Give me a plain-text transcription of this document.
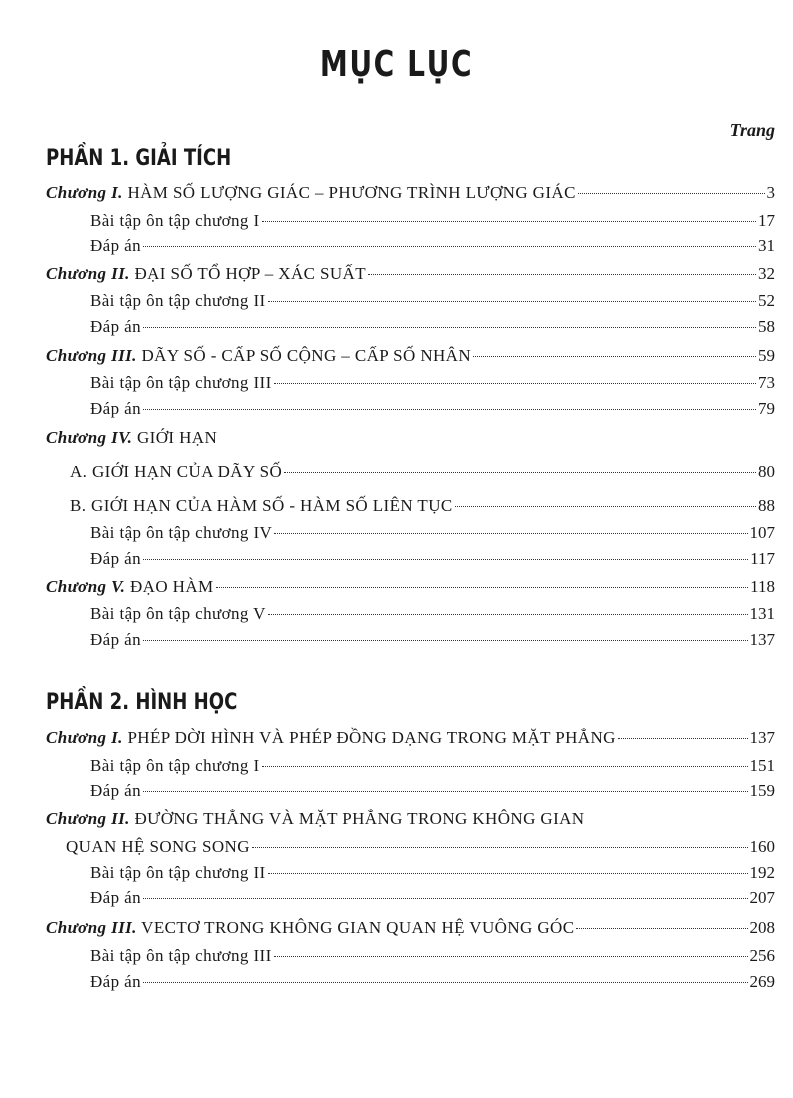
MỤC LỤC
Trang
PHẦN 1. GIẢI TÍCH
PHẦN 2. HÌNH HỌC
Chương I. HÀM SỐ LƯỢNG GIÁC – PHƯƠNG TRÌNH LƯỢNG GIÁC	3
Bài tập ôn tập chương I	17
Đáp án	31
Chương II. ĐẠI SỐ TỔ HỢP – XÁC SUẤT	32
Bài tập ôn tập chương II	52
Đáp án	58
Chương III. DÃY SỐ - CẤP SỐ CỘNG – CẤP SỐ NHÂN	59
Bài tập ôn tập chương III	73
Đáp án	79
Chương IV. GIỚI HẠN
A. GIỚI HẠN CỦA DÃY SỐ	80
B. GIỚI HẠN CỦA HÀM SỐ - HÀM SỐ LIÊN TỤC	88
Bài tập ôn tập chương IV	107
Đáp án	117
Chương V. ĐẠO HÀM	118
Bài tập ôn tập chương V	131
Đáp án	137
Chương I. PHÉP DỜI HÌNH VÀ PHÉP ĐỒNG DẠNG TRONG MẶT PHẲNG	137
Bài tập ôn tập chương I	151
Đáp án	159
Chương II. ĐƯỜNG THẲNG VÀ MẶT PHẲNG TRONG KHÔNG GIAN
QUAN HỆ SONG SONG	160
Bài tập ôn tập chương II	192
Đáp án	207
Chương III. VECTƠ TRONG KHÔNG GIAN QUAN HỆ VUÔNG GÓC	208
Bài tập ôn tập chương III	256
Đáp án	269
